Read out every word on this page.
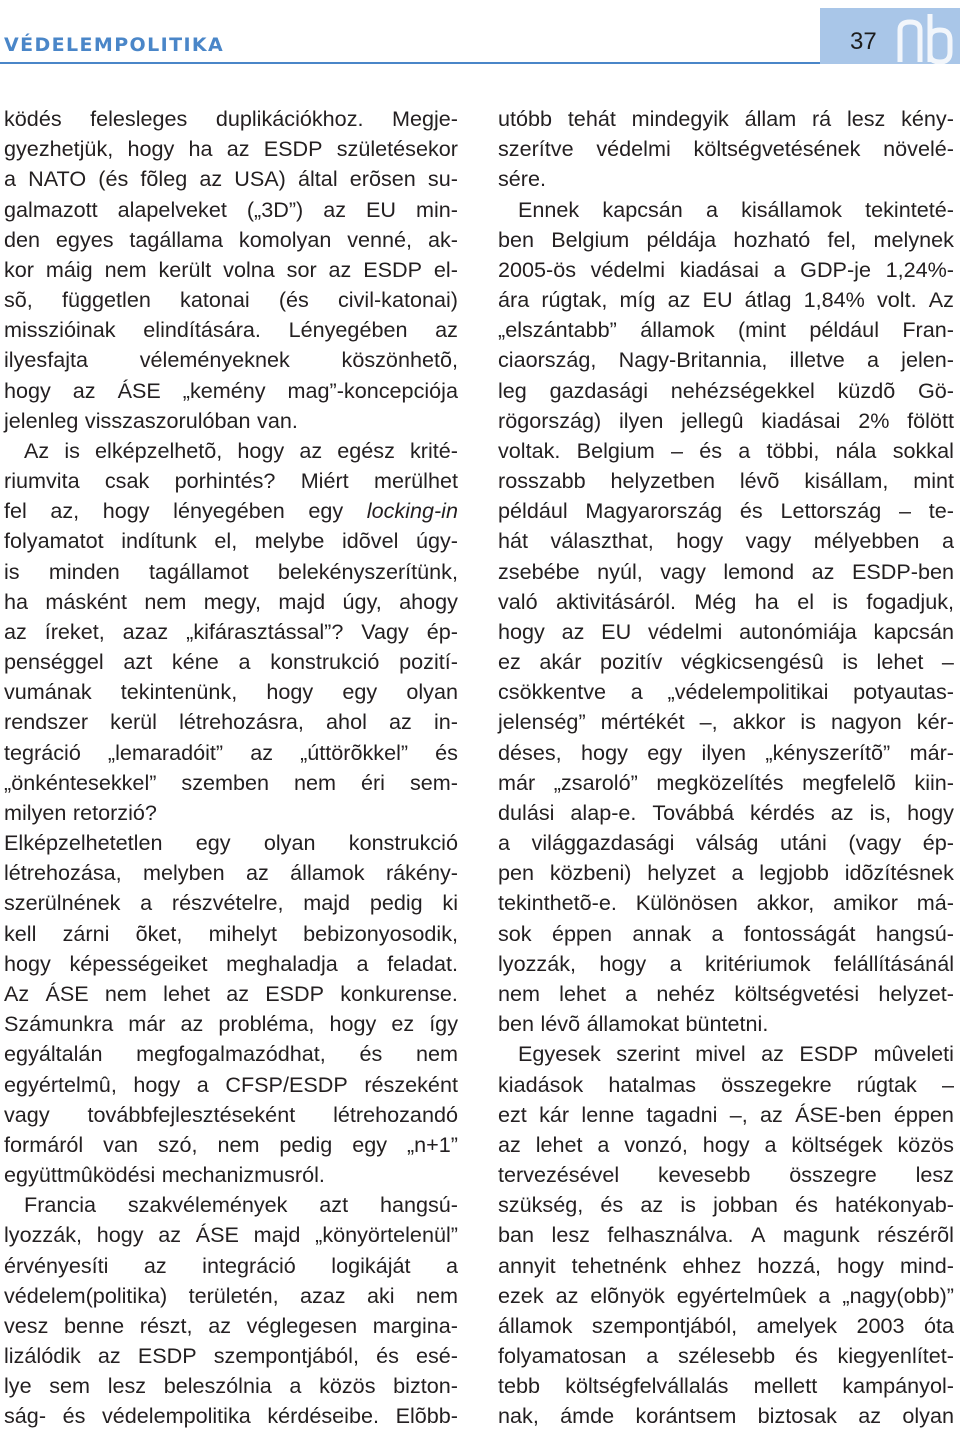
VÉDELEMPOLITIKA	37	nb
ködés felesleges duplikációkhoz. Megje-
gyezhetjük, hogy ha az ESDP születésekor
a NATO (és fõleg az USA) által erõsen su-
galmazott alapelveket („3D”) az EU min-
den egyes tagállama komolyan venné, ak-
kor máig nem került volna sor az ESDP el-
sõ, független katonai (és civil-katonai)
misszióinak elindítására. Lényegében az
ilyesfajta véleményeknek köszönhetõ,
hogy az ÁSE „kemény mag”-koncepciója
jelenleg visszaszorulóban van.
Az is elképzelhetõ, hogy az egész krité-
riumvita csak porhintés? Miért merülhet
fel az, hogy lényegében egy locking-in
folyamatot indítunk el, melybe idõvel úgy-
is minden tagállamot belekényszerítünk,
ha másként nem megy, majd úgy, ahogy
az íreket, azaz „kifárasztással”? Vagy ép-
penséggel azt kéne a konstrukció pozití-
vumának tekintenünk, hogy egy olyan
rendszer kerül létrehozásra, ahol az in-
tegráció „lemaradóit” az „úttörõkkel” és
„önkéntesekkel” szemben nem éri sem-
milyen retorzió?
Elképzelhetetlen egy olyan konstrukció
létrehozása, melyben az államok rákény-
szerülnének a részvételre, majd pedig ki
kell zárni õket, mihelyt bebizonyosodik,
hogy képességeiket meghaladja a feladat.
Az ÁSE nem lehet az ESDP konkurense.
Számunkra már az probléma, hogy ez így
egyáltalán megfogalmazódhat, és nem
egyértelmû, hogy a CFSP/ESDP részeként
vagy továbbfejlesztéseként létrehozandó
formáról van szó, nem pedig egy „n+1”
együttmûködési mechanizmusról.
Francia szakvélemények azt hangsú-
lyozzák, hogy az ÁSE majd „könyörtelenül”
érvényesíti az integráció logikáját a
védelem(politika) területén, azaz aki nem
vesz benne részt, az véglegesen margina-
lizálódik az ESDP szempontjából, és esé-
lye sem lesz beleszólnia a közös bizton-
ság- és védelempolitika kérdéseibe. Elõbb-
utóbb tehát mindegyik állam rá lesz kény-
szerítve védelmi költségvetésének növelé-
sére.
Ennek kapcsán a kisállamok tekinteté-
ben Belgium példája hozható fel, melynek
2005-ös védelmi kiadásai a GDP-je 1,24%-
ára rúgtak, míg az EU átlag 1,84% volt. Az
„elszántabb” államok (mint például Fran-
ciaország, Nagy-Britannia, illetve a jelen-
leg gazdasági nehézségekkel küzdõ Gö-
rögország) ilyen jellegû kiadásai 2% fölött
voltak. Belgium – és a többi, nála sokkal
rosszabb helyzetben lévõ kisállam, mint
például Magyarország és Lettország – te-
hát választhat, hogy vagy mélyebben a
zsebébe nyúl, vagy lemond az ESDP-ben
való aktivitásáról. Még ha el is fogadjuk,
hogy az EU védelmi autonómiája kapcsán
ez akár pozitív végkicsengésû is lehet –
csökkentve a „védelempolitikai potyautas-
jelenség” mértékét –, akkor is nagyon kér-
déses, hogy egy ilyen „kényszerítõ” már-
már „zsaroló” megközelítés megfelelõ kiin-
dulási alap-e. Továbbá kérdés az is, hogy
a világgazdasági válság utáni (vagy ép-
pen közbeni) helyzet a legjobb idõzítésnek
tekinthetõ-e. Különösen akkor, amikor má-
sok éppen annak a fontosságát hangsú-
lyozzák, hogy a kritériumok felállításánál
nem lehet a nehéz költségvetési helyzet-
ben lévõ államokat büntetni.
Egyesek szerint mivel az ESDP mûveleti
kiadások hatalmas összegekre rúgtak –
ezt kár lenne tagadni –, az ÁSE-ben éppen
az lehet a vonzó, hogy a költségek közös
tervezésével kevesebb összegre lesz
szükség, és az is jobban és hatékonyab-
ban lesz felhasználva. A magunk részérõl
annyit tehetnénk ehhez hozzá, hogy mind-
ezek az elõnyök egyértelmûek a „nagy(obb)”
államok szempontjából, amelyek 2003 óta
folyamatosan a szélesebb és kiegyenlítet-
tebb költségfelvállalás mellett kampányol-
nak, ámde korántsem biztosak az olyan
